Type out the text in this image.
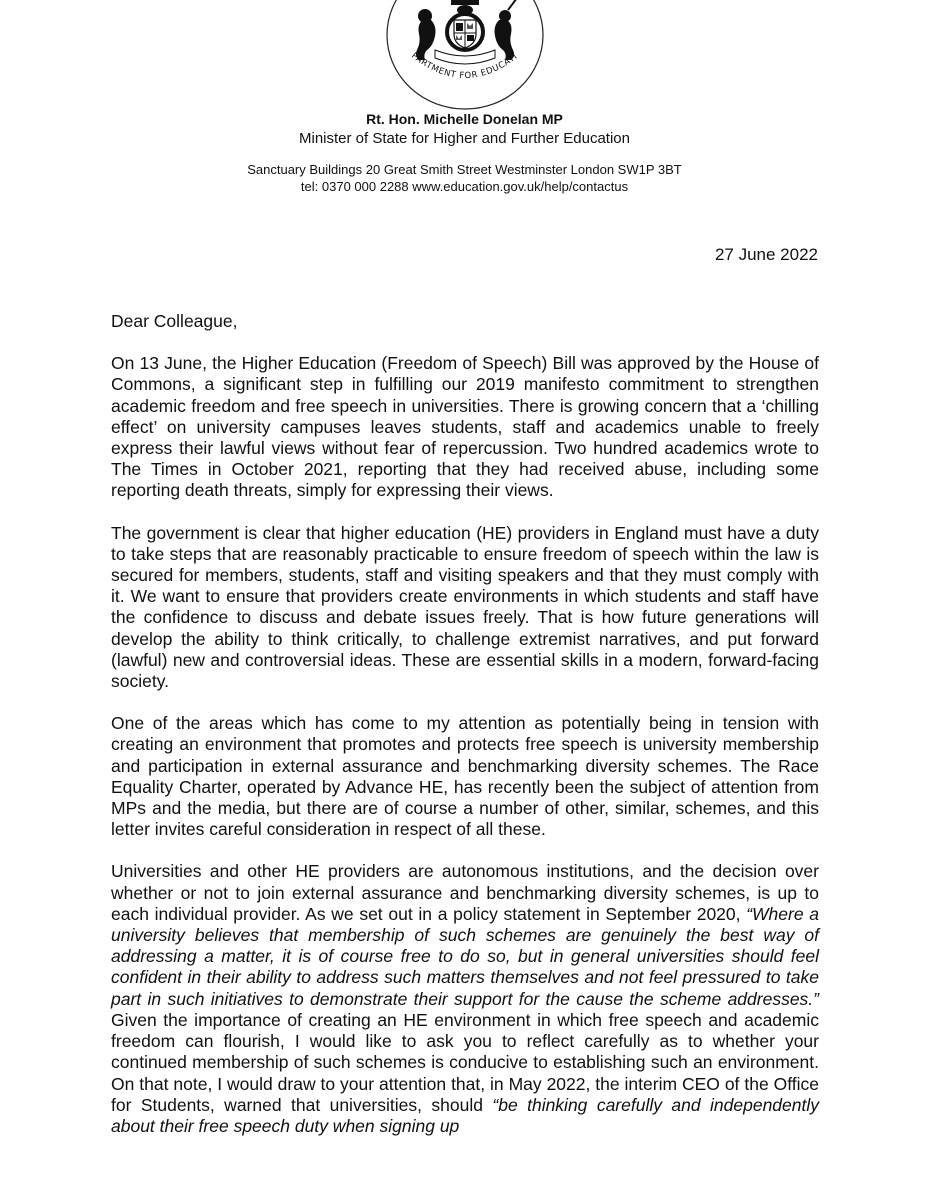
PARTMENT FOR EDUCATI
Rt. Hon. Michelle Donelan MP
Minister of State for Higher and Further Education
Sanctuary Buildings 20 Great Smith Street Westminster London SW1P 3BT
tel: 0370 000 2288 www.education.gov.uk/help/contactus
27 June 2022

Dear Colleague,

On 13 June, the Higher Education (Freedom of Speech) Bill was approved by the House of Commons, a significant step in fulfilling our 2019 manifesto commitment to strengthen academic freedom and free speech in universities. There is growing concern that a ‘chilling effect’ on university campuses leaves students, staff and academics unable to freely express their lawful views without fear of repercussion. Two hundred academics wrote to The Times in October 2021, reporting that they had received abuse, including some reporting death threats, simply for expressing their views.

The government is clear that higher education (HE) providers in England must have a duty to take steps that are reasonably practicable to ensure freedom of speech within the law is secured for members, students, staff and visiting speakers and that they must comply with it. We want to ensure that providers create environments in which students and staff have the confidence to discuss and debate issues freely. That is how future generations will develop the ability to think critically, to challenge extremist narratives, and put forward (lawful) new and controversial ideas. These are essential skills in a modern, forward-facing society.

One of the areas which has come to my attention as potentially being in tension with creating an environment that promotes and protects free speech is university membership and participation in external assurance and benchmarking diversity schemes. The Race Equality Charter, operated by Advance HE, has recently been the subject of attention from MPs and the media, but there are of course a number of other, similar, schemes, and this letter invites careful consideration in respect of all these.

Universities and other HE providers are autonomous institutions, and the decision over whether or not to join external assurance and benchmarking diversity schemes, is up to each individual provider. As we set out in a policy statement in September 2020, “Where a university believes that membership of such schemes are genuinely the best way of addressing a matter, it is of course free to do so, but in general universities should feel confident in their ability to address such matters themselves and not feel pressured to take part in such initiatives to demonstrate their support for the cause the scheme addresses.” Given the importance of creating an HE environment in which free speech and academic freedom can flourish, I would like to ask you to reflect carefully as to whether your continued membership of such schemes is conducive to establishing such an environment. On that note, I would draw to your attention that, in May 2022, the interim CEO of the Office for Students, warned that universities, should “be thinking carefully and independently about their free speech duty when signing up
